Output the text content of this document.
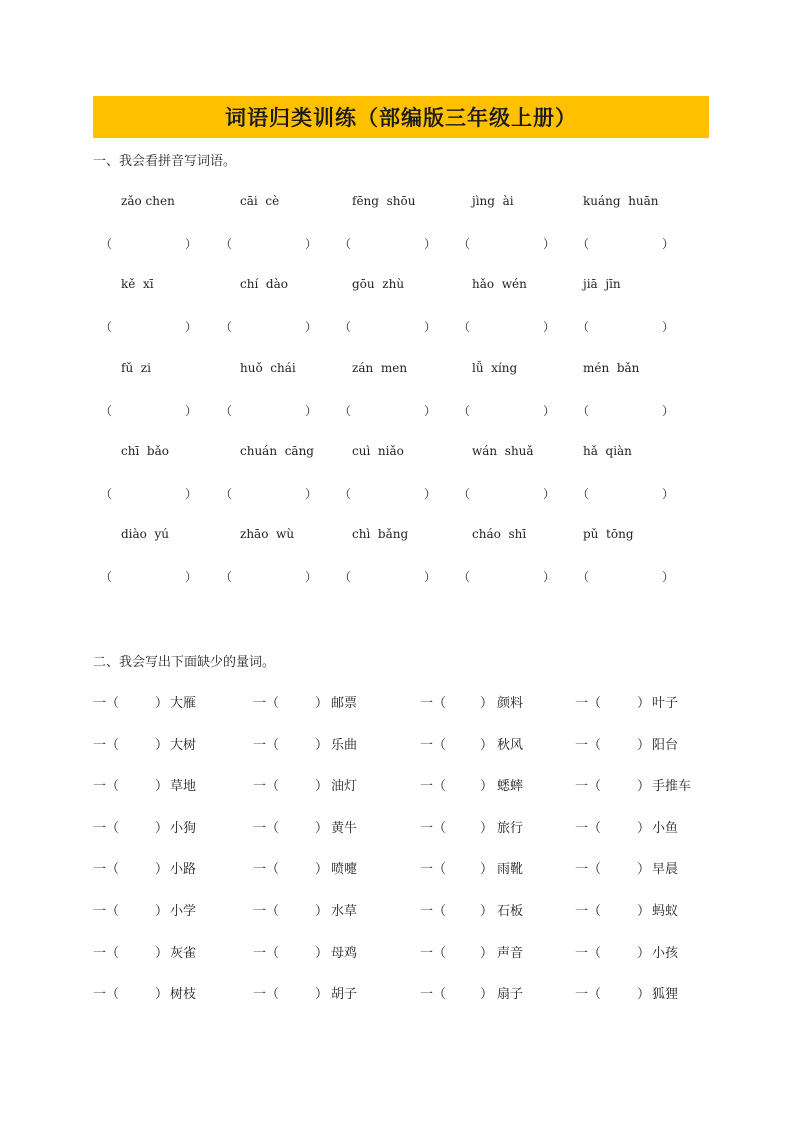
词语归类训练（部编版三年级上册）
一、我会看拼音写词语。
zǎo chen	cāi  cè	fēng  shōu	jìng  ài	kuáng  huān
（	） （	） （	） （	） （	）
kě  xī	chí  dào	gōu  zhù	hǎo  wén	jiā  jīn
（	） （	） （	） （	） （	）
fǔ  zi	huǒ  chái	zán  men	lǚ  xíng	mén  bǎn
（	） （	） （	） （	） （	）
chī  bǎo	chuán  cāng	cuì  niǎo	wán  shuǎ	hǎ  qiàn
（	） （	） （	） （	） （	）
diào  yú	zhāo  wù	chì  bǎng	cháo  shī	pǔ  tōng
（	） （	） （	） （	） （	）
二、我会写出下面缺少的量词。
一（	） 大雁	一（	） 邮票	一（	） 颜料	一（	） 叶子
一（	） 大树	一（	） 乐曲	一（	） 秋风	一（	） 阳台
一（	） 草地	一（	） 油灯	一（	） 蟋蟀	一（	） 手推车
一（	） 小狗	一（	） 黄牛	一（	） 旅行	一（	） 小鱼
一（	） 小路	一（	） 喷嚏	一（	） 雨靴	一（	） 早晨
一（	） 小学	一（	） 水草	一（	） 石板	一（	） 蚂蚁
一（	） 灰雀	一（	） 母鸡	一（	） 声音	一（	） 小孩
一（	） 树枝	一（	） 胡子	一（	） 扇子	一（	） 狐狸
